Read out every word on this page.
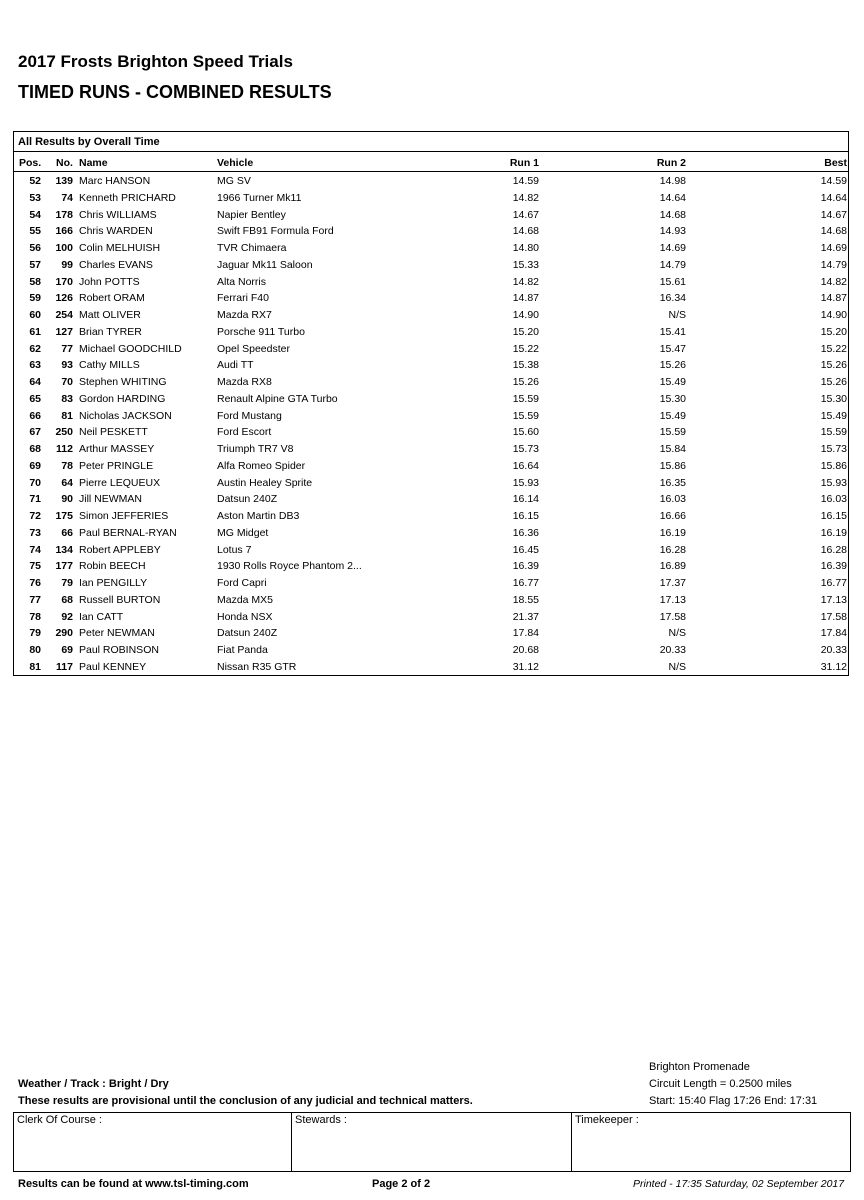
2017 Frosts Brighton Speed Trials
TIMED RUNS - COMBINED RESULTS
All Results by Overall Time
Pos. No. Name	Vehicle	Run 1	Run 2	Best
52	139 Marc HANSON	MG SV	14.59	14.98	14.59
53	74 Kenneth PRICHARD	1966 Turner Mk11	14.82	14.64	14.64
54	178 Chris WILLIAMS	Napier Bentley	14.67	14.68	14.67
55	166 Chris WARDEN	Swift FB91 Formula Ford	14.68	14.93	14.68
56	100 Colin MELHUISH	TVR Chimaera	14.80	14.69	14.69
57	99 Charles EVANS	Jaguar Mk11 Saloon	15.33	14.79	14.79
58	170 John POTTS	Alta Norris	14.82	15.61	14.82
59	126 Robert ORAM	Ferrari F40	14.87	16.34	14.87
60	254 Matt OLIVER	Mazda RX7	14.90	N/S	14.90
61	127 Brian TYRER	Porsche 911 Turbo	15.20	15.41	15.20
62	77 Michael GOODCHILD	Opel Speedster	15.22	15.47	15.22
63	93 Cathy MILLS	Audi TT	15.38	15.26	15.26
64	70 Stephen WHITING	Mazda RX8	15.26	15.49	15.26
65	83 Gordon HARDING	Renault Alpine GTA Turbo	15.59	15.30	15.30
66	81 Nicholas JACKSON	Ford Mustang	15.59	15.49	15.49
67	250 Neil PESKETT	Ford Escort	15.60	15.59	15.59
68	112 Arthur MASSEY	Triumph TR7 V8	15.73	15.84	15.73
69	78 Peter PRINGLE	Alfa Romeo Spider	16.64	15.86	15.86
70	64 Pierre LEQUEUX	Austin Healey Sprite	15.93	16.35	15.93
71	90 Jill NEWMAN	Datsun 240Z	16.14	16.03	16.03
72	175 Simon JEFFERIES	Aston Martin DB3	16.15	16.66	16.15
73	66 Paul BERNAL-RYAN	MG Midget	16.36	16.19	16.19
74	134 Robert APPLEBY	Lotus 7	16.45	16.28	16.28
75	177 Robin BEECH	1930 Rolls Royce Phantom 2...	16.39	16.89	16.39
76	79 Ian PENGILLY	Ford Capri	16.77	17.37	16.77
77	68 Russell BURTON	Mazda MX5	18.55	17.13	17.13
78	92 Ian CATT	Honda NSX	21.37	17.58	17.58
79	290 Peter NEWMAN	Datsun 240Z	17.84	N/S	17.84
80	69 Paul ROBINSON	Fiat Panda	20.68	20.33	20.33
81	117 Paul KENNEY	Nissan R35 GTR	31.12	N/S	31.12
Brighton Promenade
Circuit Length = 0.2500 miles
Start: 15:40 Flag 17:26 End: 17:31
Weather / Track : Bright / Dry
These results are provisional until the conclusion of any judicial and technical matters.
Clerk Of Course :	Stewards :	Timekeeper :
Results can be found at www.tsl-timing.com	Page 2 of 2	Printed - 17:35 Saturday, 02 September 2017
